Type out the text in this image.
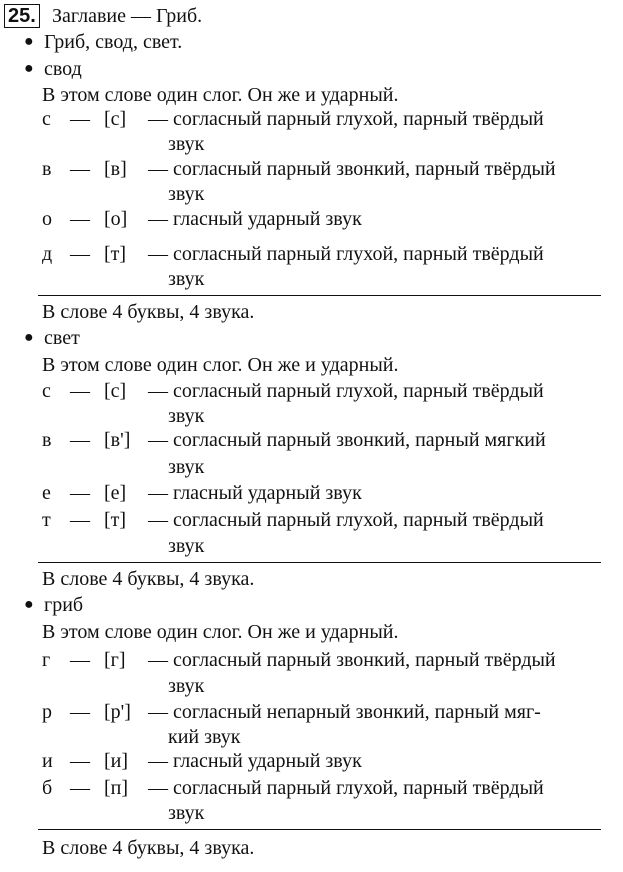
25. Заглавие — Гриб.
● Гриб, свод, свет.
● свод
В этом слове один слог. Он же и ударный.
с — [с] — согласный парный глухой, парный твёрдый
звук
в — [в] — согласный парный звонкий, парный твёрдый
звук
о — [о] — гласный ударный звук
д — [т] — согласный парный глухой, парный твёрдый
звук
В слове 4 буквы, 4 звука.
● свет
В этом слове один слог. Он же и ударный.
с — [с] — согласный парный глухой, парный твёрдый
звук
в — [в'] — согласный парный звонкий, парный мягкий
звук
е — [е] — гласный ударный звук
т — [т] — согласный парный глухой, парный твёрдый
звук
В слове 4 буквы, 4 звука.
● гриб
В этом слове один слог. Он же и ударный.
г — [г] — согласный парный звонкий, парный твёрдый
звук
р — [р'] — согласный непарный звонкий, парный мяг-
кий звук
и — [и] — гласный ударный звук
б — [п] — согласный парный глухой, парный твёрдый
звук
В слове 4 буквы, 4 звука.
